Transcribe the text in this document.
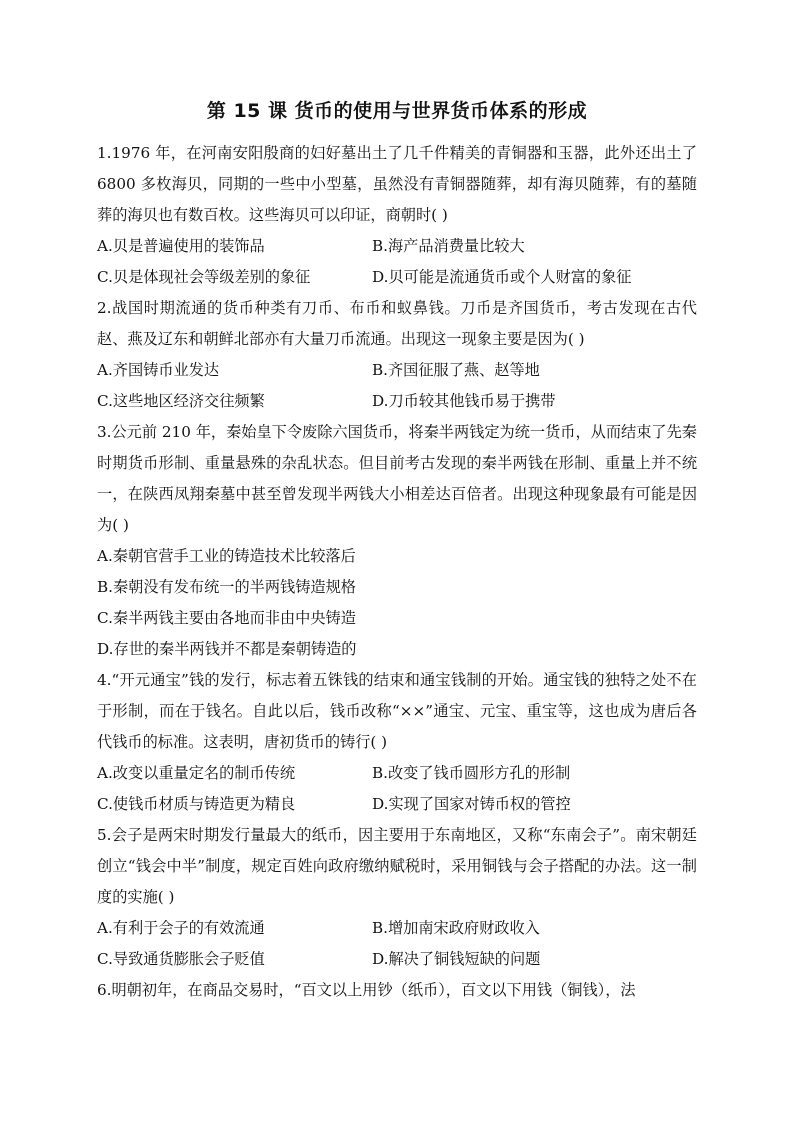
第 15 课 货币的使用与世界货币体系的形成

1.1976 年，在河南安阳殷商的妇好墓出土了几千件精美的青铜器和玉器，此外还出土了 6800 多枚海贝，同期的一些中小型墓，虽然没有青铜器随葬，却有海贝随葬，有的墓随葬的海贝也有数百枚。这些海贝可以印证，商朝时( )

A.贝是普遍使用的装饰品	B.海产品消费量比较大
C.贝是体现社会等级差别的象征	D.贝可能是流通货币或个人财富的象征

2.战国时期流通的货币种类有刀币、布币和蚁鼻钱。刀币是齐国货币，考古发现在古代赵、燕及辽东和朝鲜北部亦有大量刀币流通。出现这一现象主要是因为( )

A.齐国铸币业发达	B.齐国征服了燕、赵等地
C.这些地区经济交往频繁	D.刀币较其他钱币易于携带

3.公元前 210 年，秦始皇下令废除六国货币，将秦半两钱定为统一货币，从而结束了先秦时期货币形制、重量悬殊的杂乱状态。但目前考古发现的秦半两钱在形制、重量上并不统一，在陕西凤翔秦墓中甚至曾发现半两钱大小相差达百倍者。出现这种现象最有可能是因为( )

A.秦朝官营手工业的铸造技术比较落后
B.秦朝没有发布统一的半两钱铸造规格
C.秦半两钱主要由各地而非由中央铸造
D.存世的秦半两钱并不都是秦朝铸造的

4.“开元通宝”钱的发行，标志着五铢钱的结束和通宝钱制的开始。通宝钱的独特之处不在于形制，而在于钱名。自此以后，钱币改称“××”通宝、元宝、重宝等，这也成为唐后各代钱币的标准。这表明，唐初货币的铸行( )

A.改变以重量定名的制币传统	B.改变了钱币圆形方孔的形制
C.使钱币材质与铸造更为精良	D.实现了国家对铸币权的管控

5.会子是两宋时期发行量最大的纸币，因主要用于东南地区，又称“东南会子”。南宋朝廷创立“钱会中半”制度，规定百姓向政府缴纳赋税时，采用铜钱与会子搭配的办法。这一制度的实施( )

A.有利于会子的有效流通	B.增加南宋政府财政收入
C.导致通货膨胀会子贬值	D.解决了铜钱短缺的问题

6.明朝初年，在商品交易时，“百文以上用钞（纸币），百文以下用钱（铜钱），法
